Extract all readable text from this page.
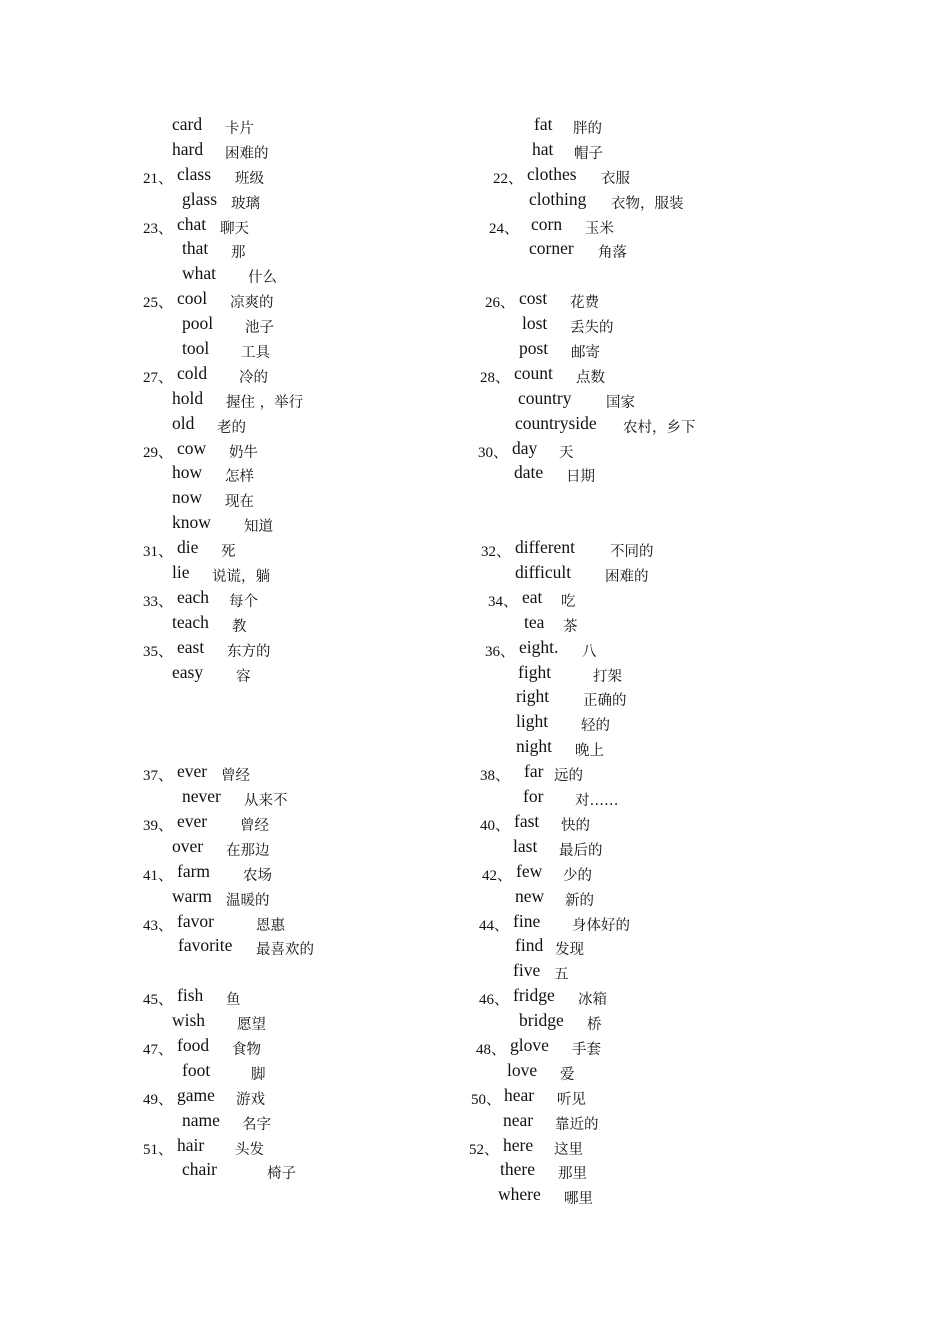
card 卡片
hard 困难的
21、 class 班级
glass 玻璃
23、 chat 聊天
that 那
what 什么
25、 cool 凉爽的
pool 池子
tool 工具
27、 cold 冷的
hold 握住 ，举行
old 老的
29、 cow 奶牛
how 怎样
now 现在
know 知道
31、 die 死
lie 说谎，躺
33、 each 每个
teach 教
35、 east 东方的
easy 容
37、 ever 曾经
never 从来不
39、 ever 曾经
over 在那边
41、 farm 农场
warm 温暖的
43、 favor	恩惠
favorite 最喜欢的
45、 fish 鱼
wish 愿望
47、 food 食物
foot	脚
49、 game 游戏
name 名字
51、 hair 头发
chair	椅子
fat 胖的
hat 帽子
22、 clothes 衣服
clothing 衣物，服装
24、 corn 玉米
corner 角落
26、 cost 花费
lost 丢失的
post 邮寄
28、 count 点数
country 国家
countryside 农村，乡下
30、 day 天
date 日期
32、 different 不同的
difficult 困难的
34、 eat 吃
tea 茶
36、 eight. 八
fight	打架
right 正确的
light 轻的
night 晚上
38、 far 远的
for 对……
40、 fast 快的
last 最后的
42、 few 少的
new 新的
44、 fine 身体好的
find 发现
five 五
46、 fridge 冰箱
bridge 桥
48、 glove 手套
love 爱
50、 hear 听见
near 靠近的
52、 here 这里
there 那里
where 哪里
